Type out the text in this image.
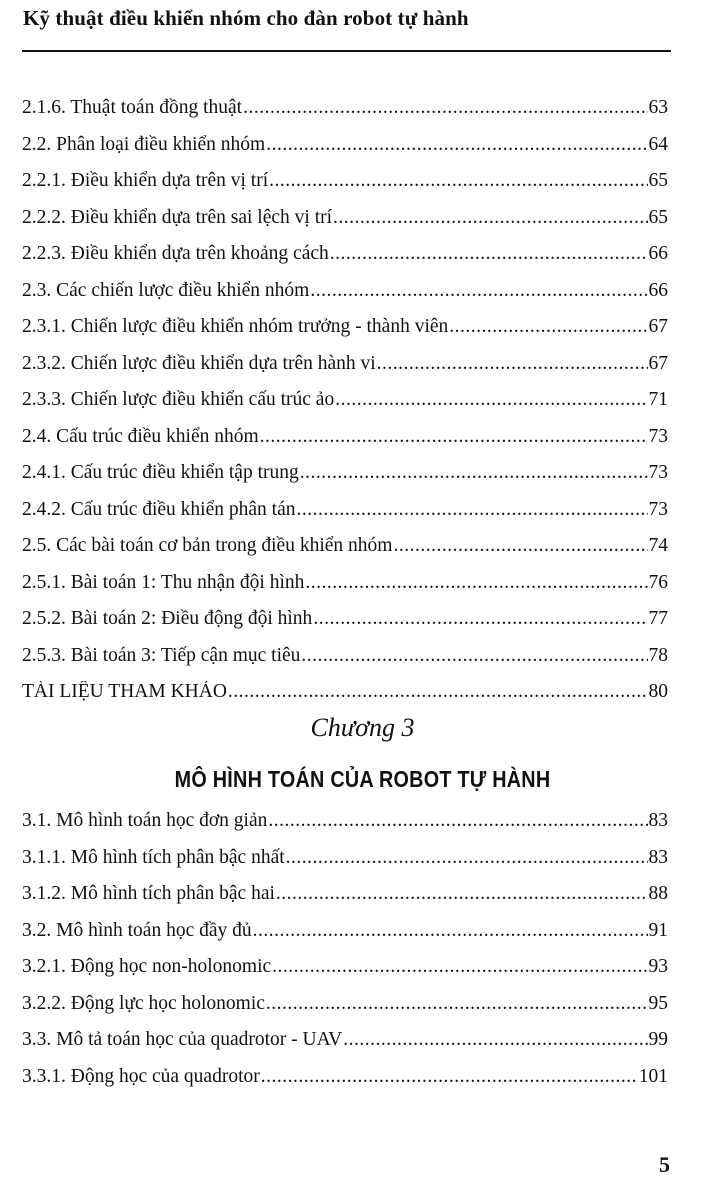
Kỹ thuật điều khiển nhóm cho đàn robot tự hành
2.1.6. Thuật toán đồng thuật .....	63
2.2. Phân loại điều khiển nhóm .....	64
2.2.1. Điều khiển dựa trên vị trí .....	65
2.2.2. Điều khiển dựa trên sai lệch vị trí .....	65
2.2.3. Điều khiển dựa trên khoảng cách .....	66
2.3. Các chiến lược điều khiển nhóm .....	66
2.3.1. Chiến lược điều khiển nhóm trưởng - thành viên .....	67
2.3.2. Chiến lược điều khiển dựa trên hành vi .....	67
2.3.3. Chiến lược điều khiển cấu trúc ảo .....	71
2.4. Cấu trúc điều khiển nhóm .....	73
2.4.1. Cấu trúc điều khiển tập trung .....	73
2.4.2. Cấu trúc điều khiển phân tán .....	73
2.5. Các bài toán cơ bản trong điều khiển nhóm .....	74
2.5.1. Bài toán 1: Thu nhận đội hình .....	76
2.5.2. Bài toán 2: Điều động đội hình .....	77
2.5.3. Bài toán 3: Tiếp cận mục tiêu .....	78
TÀI LIỆU THAM KHẢO .....	80
Chương 3
MÔ HÌNH TOÁN CỦA ROBOT TỰ HÀNH
3.1. Mô hình toán học đơn giản .....	83
3.1.1. Mô hình tích phân bậc nhất .....	83
3.1.2. Mô hình tích phân bậc hai .....	88
3.2. Mô hình toán học đầy đủ .....	91
3.2.1. Động học non-holonomic .....	93
3.2.2. Động lực học holonomic .....	95
3.3. Mô tả toán học của quadrotor - UAV .....	99
3.3.1. Động học của quadrotor .....	101
5
